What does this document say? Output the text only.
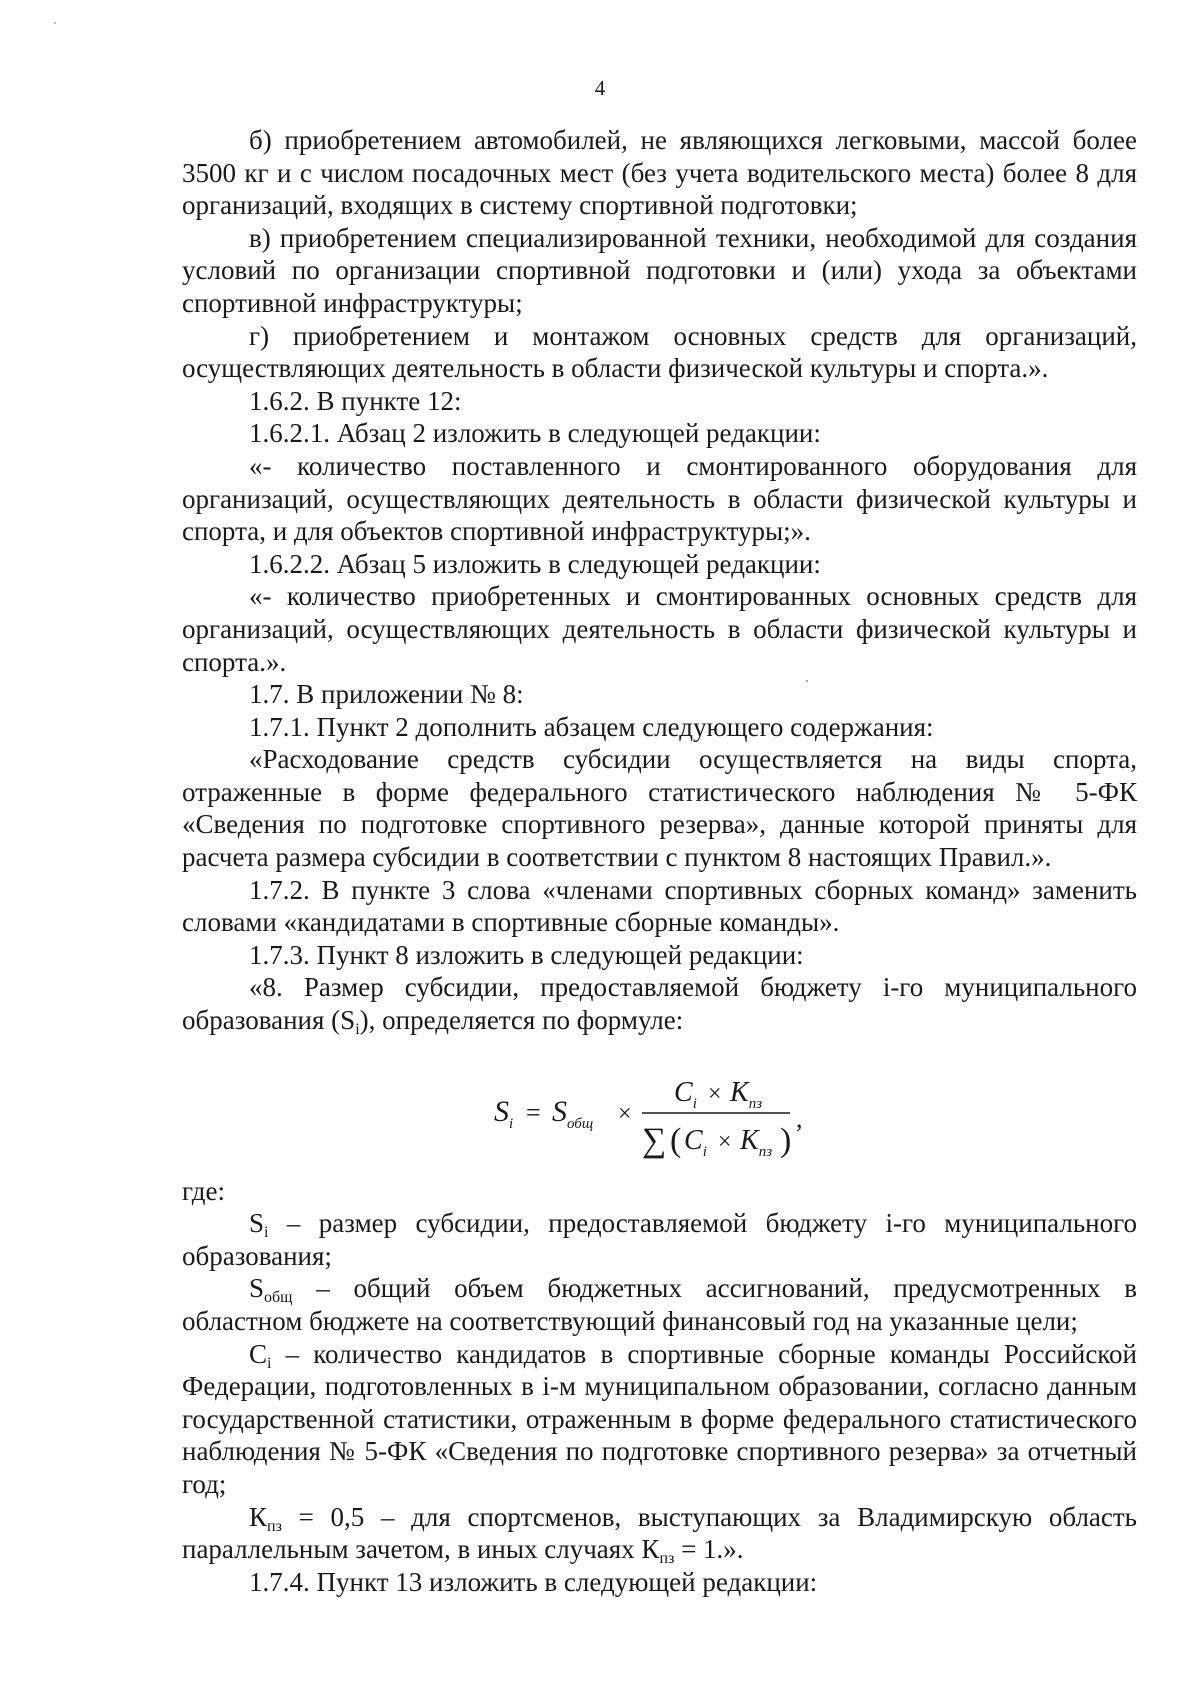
4

б) приобретением автомобилей, не являющихся легковыми, массой более 3500 кг и с числом посадочных мест (без учета водительского места) более 8 для организаций, входящих в систему спортивной подготовки;

в) приобретением специализированной техники, необходимой для создания условий по организации спортивной подготовки и (или) ухода за объектами спортивной инфраструктуры;

г) приобретением и монтажом основных средств для организаций, осуществляющих деятельность в области физической культуры и спорта.».

1.6.2. В пункте 12:

1.6.2.1. Абзац 2 изложить в следующей редакции:

«- количество поставленного и смонтированного оборудования для организаций, осуществляющих деятельность в области физической культуры и спорта, и для объектов спортивной инфраструктуры;».

1.6.2.2. Абзац 5 изложить в следующей редакции:

«- количество приобретенных и смонтированных основных средств для организаций, осуществляющих деятельность в области физической культуры и спорта.».

1.7. В приложении № 8:

1.7.1. Пункт 2 дополнить абзацем следующего содержания:

«Расходование средств субсидии осуществляется на виды спорта, отраженные в форме федерального статистического наблюдения № 5-ФК «Сведения по подготовке спортивного резерва», данные которой приняты для расчета размера субсидии в соответствии с пунктом 8 настоящих Правил.».

1.7.2. В пункте 3 слова «членами спортивных сборных команд» заменить словами «кандидатами в спортивные сборные команды».

1.7.3. Пункт 8 изложить в следующей редакции:

«8. Размер субсидии, предоставляемой бюджету i-го муниципального образования $(S_i)$, определяется по формуле:

$S_i = S_{общ}$ ×
$C_i \times K_{пз}$
∑ ( $C_i \times K_{пз}$ )
,

где:

$S_i$ – размер субсидии, предоставляемой бюджету i-го муниципального образования;

$S_{общ}$ – общий объем бюджетных ассигнований, предусмотренных в областном бюджете на соответствующий финансовый год на указанные цели;

$C_i$ – количество кандидатов в спортивные сборные команды Российской Федерации, подготовленных в i-м муниципальном образовании, согласно данным государственной статистики, отраженным в форме федерального статистического наблюдения № 5-ФК «Сведения по подготовке спортивного резерва» за отчетный год;

$К_{пз} = 0,5$ – для спортсменов, выступающих за Владимирскую область параллельным зачетом, в иных случаях $К_{пз} = 1$.».

1.7.4. Пункт 13 изложить в следующей редакции:
